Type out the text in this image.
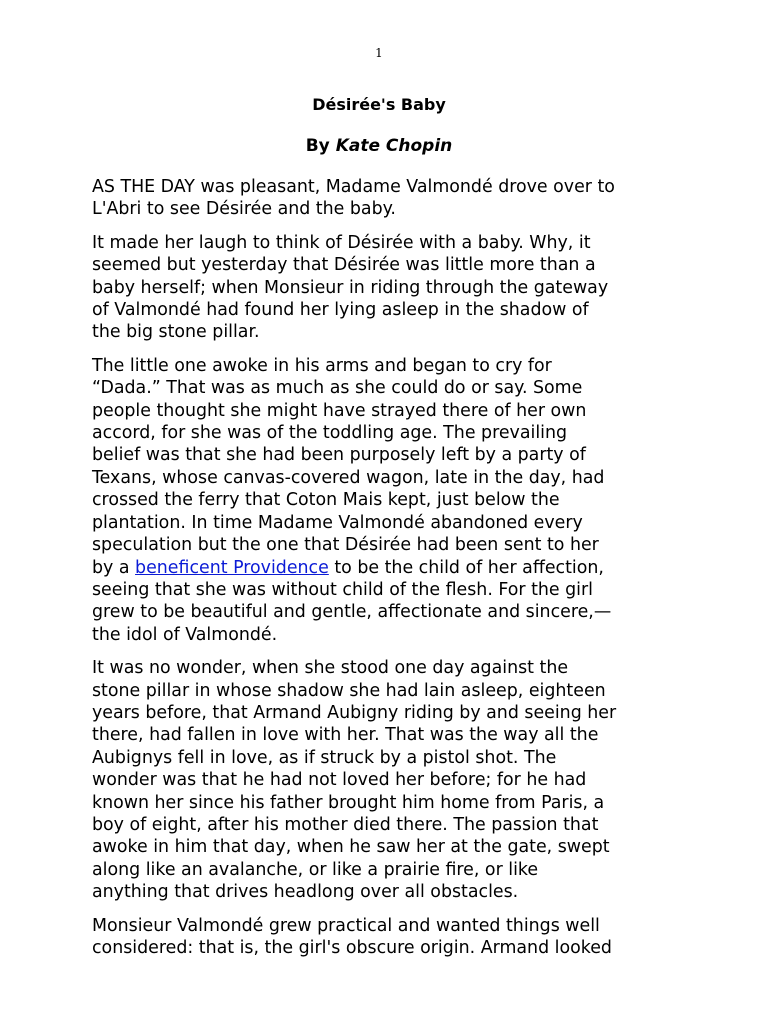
1
Désirée's Baby
By Kate Chopin

AS THE DAY was pleasant, Madame Valmondé drove over to
L'Abri to see Désirée and the baby.

It made her laugh to think of Désirée with a baby. Why, it
seemed but yesterday that Désirée was little more than a
baby herself; when Monsieur in riding through the gateway
of Valmondé had found her lying asleep in the shadow of
the big stone pillar.

The little one awoke in his arms and began to cry for
“Dada.” That was as much as she could do or say. Some
people thought she might have strayed there of her own
accord, for she was of the toddling age. The prevailing
belief was that she had been purposely left by a party of
Texans, whose canvas-covered wagon, late in the day, had
crossed the ferry that Coton Mais kept, just below the
plantation. In time Madame Valmondé abandoned every
speculation but the one that Désirée had been sent to her
by a beneficent Providence to be the child of her affection,
seeing that she was without child of the flesh. For the girl
grew to be beautiful and gentle, affectionate and sincere,—
the idol of Valmondé.

It was no wonder, when she stood one day against the
stone pillar in whose shadow she had lain asleep, eighteen
years before, that Armand Aubigny riding by and seeing her
there, had fallen in love with her. That was the way all the
Aubignys fell in love, as if struck by a pistol shot. The
wonder was that he had not loved her before; for he had
known her since his father brought him home from Paris, a
boy of eight, after his mother died there. The passion that
awoke in him that day, when he saw her at the gate, swept
along like an avalanche, or like a prairie fire, or like
anything that drives headlong over all obstacles.

Monsieur Valmondé grew practical and wanted things well
considered: that is, the girl's obscure origin. Armand looked
